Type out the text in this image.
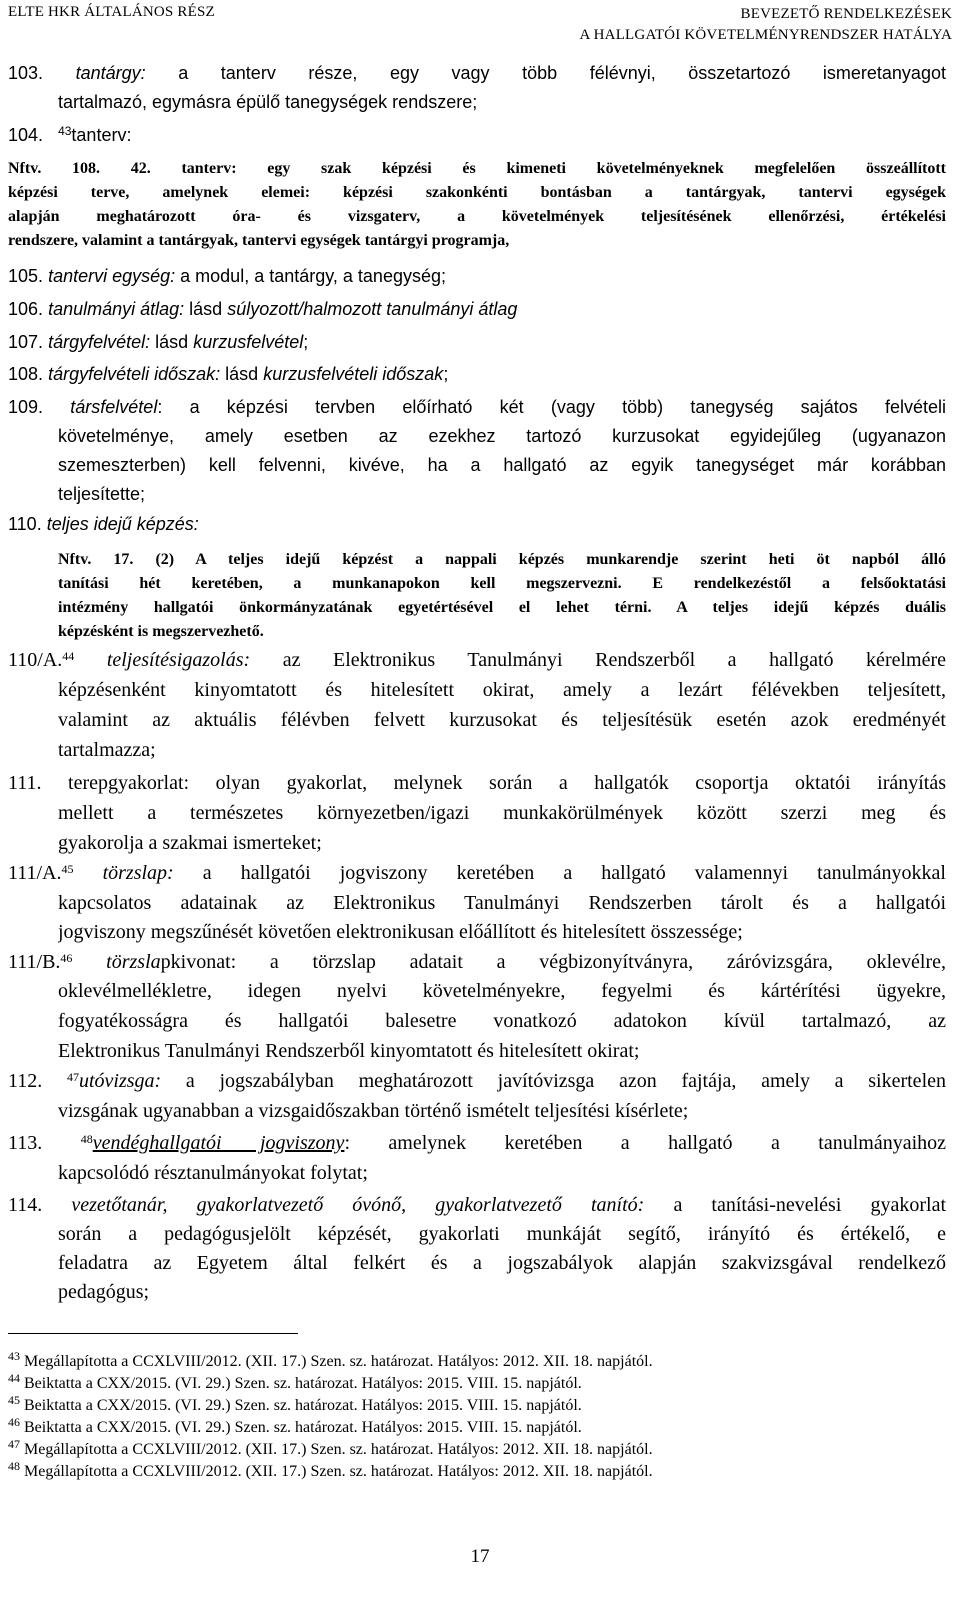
ELTE HKR ÁLTALÁNOS RÉSZ	BEVEZETŐ RENDELKEZÉSEK
A HALLGATÓI KÖVETELMÉNYRENDSZER HATÁLYA
103. tantárgy: a tanterv része, egy vagy több félévnyi, összetartozó ismeretanyagot
tartalmazó, egymásra épülő tanegységek rendszere;
104. $^{43}$tanterv:
Nftv. 108. 42. tanterv: egy szak képzési és kimeneti követelményeknek megfelelően összeállított
képzési terve, amelynek elemei: képzési szakonkénti bontásban a tantárgyak, tantervi egységek
alapján meghatározott óra- és vizsgaterv, a követelmények teljesítésének ellenőrzési, értékelési
rendszere, valamint a tantárgyak, tantervi egységek tantárgyi programja,
105. tantervi egység: a modul, a tantárgy, a tanegység;
106. tanulmányi átlag: lásd súlyozott/halmozott tanulmányi átlag
107. tárgyfelvétel: lásd kurzusfelvétel;
108. tárgyfelvételi időszak: lásd kurzusfelvételi időszak;
109. társfelvétel: a képzési tervben előírható két (vagy több) tanegység sajátos felvételi
követelménye, amely esetben az ezekhez tartozó kurzusokat egyidejűleg (ugyanazon
szemeszterben) kell felvenni, kivéve, ha a hallgató az egyik tanegységet már korábban
teljesítette;
110. teljes idejű képzés:
Nftv. 17. (2) A teljes idejű képzést a nappali képzés munkarendje szerint heti öt napból álló
tanítási hét keretében, a munkanapokon kell megszervezni. E rendelkezéstől a felsőoktatási
intézmény hallgatói önkormányzatának egyetértésével el lehet térni. A teljes idejű képzés duális
képzésként is megszervezhető.
110/A.$^{44}$ teljesítésigazolás: az Elektronikus Tanulmányi Rendszerből a hallgató kérelmére
képzésenként kinyomtatott és hitelesített okirat, amely a lezárt félévekben teljesített,
valamint az aktuális félévben felvett kurzusokat és teljesítésük esetén azok eredményét
tartalmazza;
111. terepgyakorlat: olyan gyakorlat, melynek során a hallgatók csoportja oktatói irányítás
mellett a természetes környezetben/igazi munkakörülmények között szerzi meg és
gyakorolja a szakmai ismerteket;
111/A.$^{45}$ törzslap: a hallgatói jogviszony keretében a hallgató valamennyi tanulmányokkal
kapcsolatos adatainak az Elektronikus Tanulmányi Rendszerben tárolt és a hallgatói
jogviszony megszűnését követően elektronikusan előállított és hitelesített összessége;
111/B.$^{46}$ törzslapkivonat: a törzslap adatait a végbizonyítványra, záróvizsgára, oklevélre,
oklevélmellékletre, idegen nyelvi követelményekre, fegyelmi és kártérítési ügyekre,
fogyatékosságra és hallgatói balesetre vonatkozó adatokon kívül tartalmazó, az
Elektronikus Tanulmányi Rendszerből kinyomtatott és hitelesített okirat;
112. $^{47}$utóvizsga: a jogszabályban meghatározott javítóvizsga azon fajtája, amely a sikertelen
vizsgának ugyanabban a vizsgaidőszakban történő ismételt teljesítési kísérlete;
113.	$^{48}$vendéghallgatói jogviszony: amelynek keretében a hallgató a tanulmányaihoz
kapcsolódó résztanulmányokat folytat;
114. vezetőtanár, gyakorlatvezető óvónő, gyakorlatvezető tanító: a tanítási-nevelési gyakorlat
során a pedagógusjelölt képzését, gyakorlati munkáját segítő, irányító és értékelő, e
feladatra az Egyetem által felkért és a jogszabályok alapján szakvizsgával rendelkező
pedagógus;
$^{43}$ Megállapította a CCXLVIII/2012. (XII. 17.) Szen. sz. határozat. Hatályos: 2012. XII. 18. napjától.
$^{44}$ Beiktatta a CXX/2015. (VI. 29.) Szen. sz. határozat. Hatályos: 2015. VIII. 15. napjától.
$^{45}$ Beiktatta a CXX/2015. (VI. 29.) Szen. sz. határozat. Hatályos: 2015. VIII. 15. napjától.
$^{46}$ Beiktatta a CXX/2015. (VI. 29.) Szen. sz. határozat. Hatályos: 2015. VIII. 15. napjától.
$^{47}$ Megállapította a CCXLVIII/2012. (XII. 17.) Szen. sz. határozat. Hatályos: 2012. XII. 18. napjától.
$^{48}$ Megállapította a CCXLVIII/2012. (XII. 17.) Szen. sz. határozat. Hatályos: 2012. XII. 18. napjától.
17
